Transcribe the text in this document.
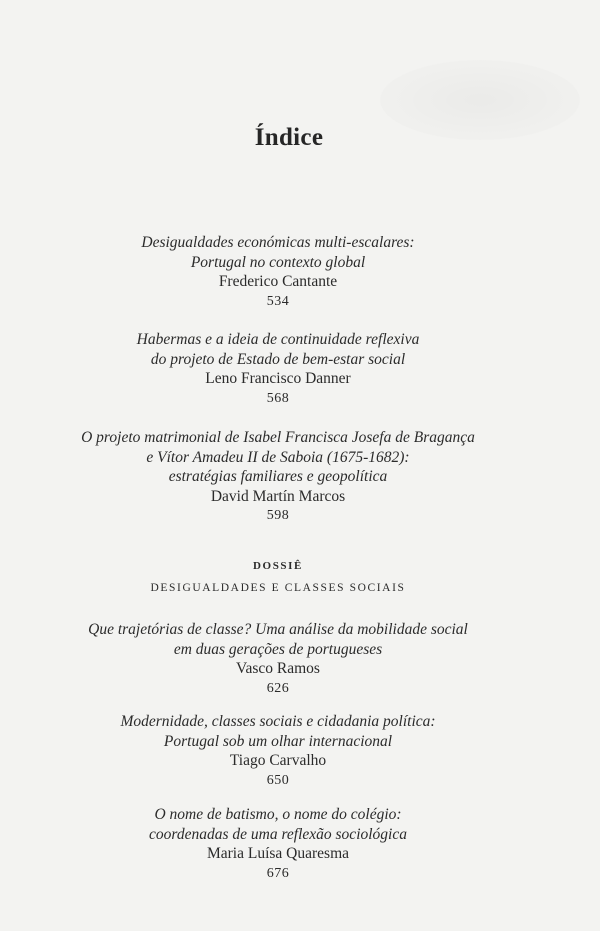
Índice
Desigualdades económicas multi-escalares:
Portugal no contexto global
Frederico Cantante
534
Habermas e a ideia de continuidade reflexiva
do projeto de Estado de bem-estar social
Leno Francisco Danner
568
O projeto matrimonial de Isabel Francisca Josefa de Bragança
e Vítor Amadeu II de Saboia (1675-1682):
estratégias familiares e geopolítica
David Martín Marcos
598
DOSSIÊ
DESIGUALDADES E CLASSES SOCIAIS
Que trajetórias de classe? Uma análise da mobilidade social
em duas gerações de portugueses
Vasco Ramos
626
Modernidade, classes sociais e cidadania política:
Portugal sob um olhar internacional
Tiago Carvalho
650
O nome de batismo, o nome do colégio:
coordenadas de uma reflexão sociológica
Maria Luísa Quaresma
676
